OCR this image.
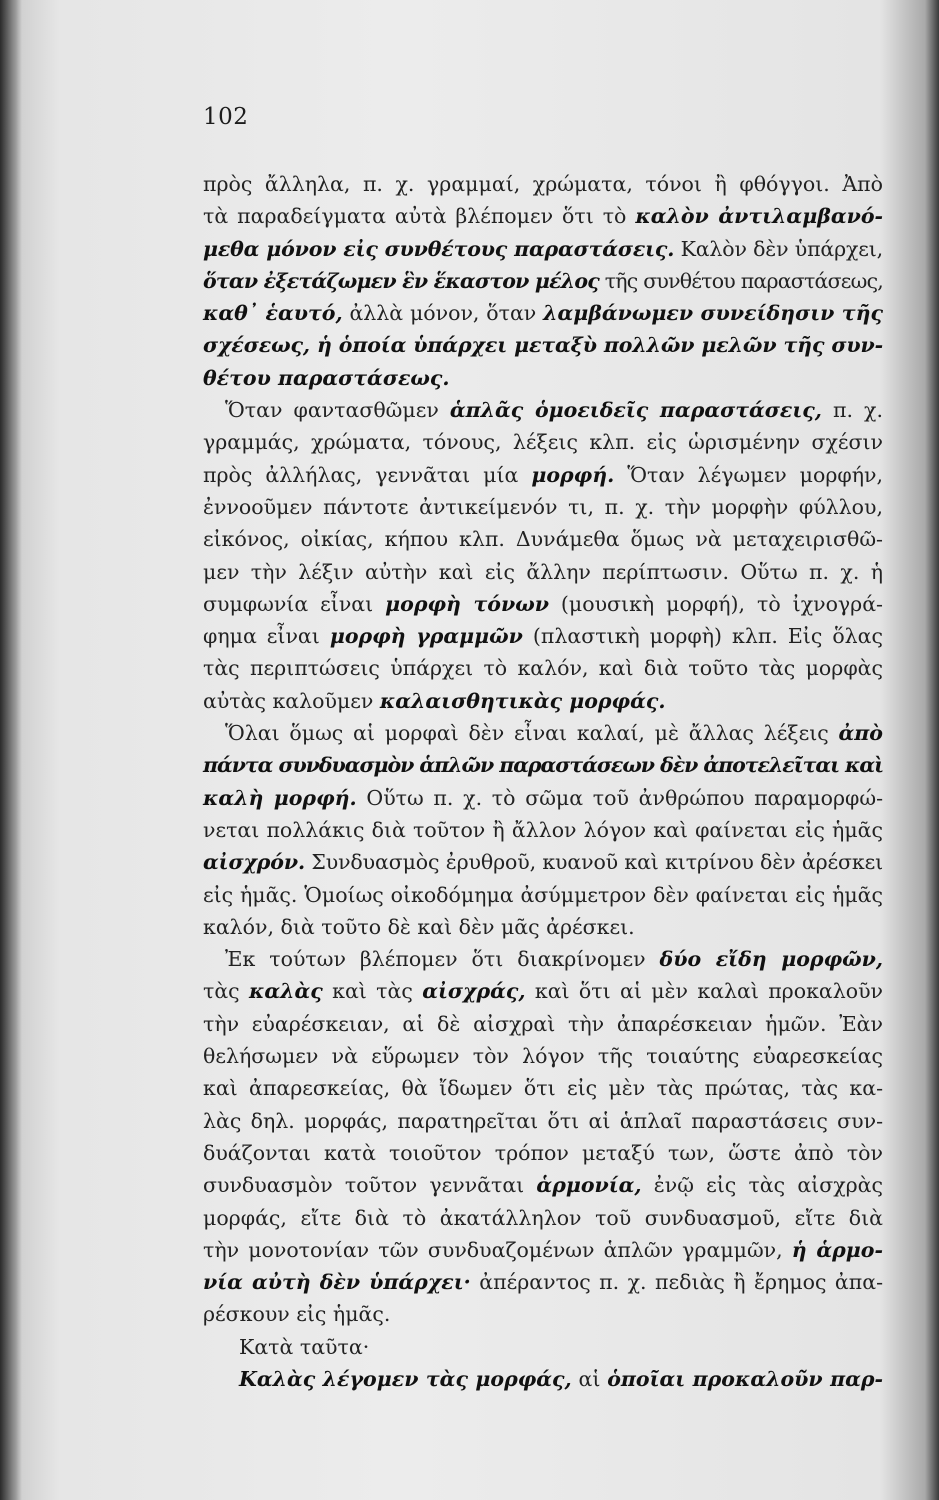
102
πρὸς ἄλληλα, π. χ. γραμμαί, χρώματα, τόνοι ἢ φθόγγοι. Ἀπὸ
τὰ παραδείγματα αὐτὰ βλέπομεν ὅτι τὸ καλὸν ἀντιλαμβανό-
μεθα μόνον εἰς συνθέτους παραστάσεις. Καλὸν δὲν ὑπάρχει,
ὅταν ἐξετάζωμεν ἓν ἕκαστον μέλος τῆς συνθέτου παραστάσεως,
καθ᾽ ἑαυτό, ἀλλὰ μόνον, ὅταν λαμβάνωμεν συνείδησιν τῆς
σχέσεως, ἡ ὁποία ὑπάρχει μεταξὺ πολλῶν μελῶν τῆς συν-
θέτου παραστάσεως.
Ὅταν φαντασθῶμεν ἁπλᾶς ὁμοειδεῖς παραστάσεις, π. χ.
γραμμάς, χρώματα, τόνους, λέξεις κλπ. εἰς ὡρισμένην σχέσιν
πρὸς ἀλλήλας, γεννᾶται μία μορφή. Ὅταν λέγωμεν μορφήν,
ἐννοοῦμεν πάντοτε ἀντικείμενόν τι, π. χ. τὴν μορφὴν φύλλου,
εἰκόνος, οἰκίας, κήπου κλπ. Δυνάμεθα ὅμως νὰ μεταχειρισθῶ-
μεν τὴν λέξιν αὐτὴν καὶ εἰς ἄλλην περίπτωσιν. Οὕτω π. χ. ἡ
συμφωνία εἶναι μορφὴ τόνων (μουσικὴ μορφή), τὸ ἰχνογρά-
φημα εἶναι μορφὴ γραμμῶν (πλαστικὴ μορφὴ) κλπ. Εἰς ὅλας
τὰς περιπτώσεις ὑπάρχει τὸ καλόν, καὶ διὰ τοῦτο τὰς μορφὰς
αὐτὰς καλοῦμεν καλαισθητικὰς μορφάς.
Ὅλαι ὅμως αἱ μορφαὶ δὲν εἶναι καλαί, μὲ ἄλλας λέξεις ἀπὸ
πάντα συνδυασμὸν ἁπλῶν παραστάσεων δὲν ἀποτελεῖται καὶ
καλὴ μορφή. Οὕτω π. χ. τὸ σῶμα τοῦ ἀνθρώπου παραμορφώ-
νεται πολλάκις διὰ τοῦτον ἢ ἄλλον λόγον καὶ φαίνεται εἰς ἡμᾶς
αἰσχρόν. Συνδυασμὸς ἐρυθροῦ, κυανοῦ καὶ κιτρίνου δὲν ἀρέσκει
εἰς ἡμᾶς. Ὁμοίως οἰκοδόμημα ἀσύμμετρον δὲν φαίνεται εἰς ἡμᾶς
καλόν, διὰ τοῦτο δὲ καὶ δὲν μᾶς ἀρέσκει.
Ἐκ τούτων βλέπομεν ὅτι διακρίνομεν δύο εἴδη μορφῶν,
τὰς καλὰς καὶ τὰς αἰσχράς, καὶ ὅτι αἱ μὲν καλαὶ προκαλοῦν
τὴν εὐαρέσκειαν, αἱ δὲ αἰσχραὶ τὴν ἀπαρέσκειαν ἡμῶν. Ἐὰν
θελήσωμεν νὰ εὕρωμεν τὸν λόγον τῆς τοιαύτης εὐαρεσκείας
καὶ ἀπαρεσκείας, θὰ ἴδωμεν ὅτι εἰς μὲν τὰς πρώτας, τὰς κα-
λὰς δηλ. μορφάς, παρατηρεῖται ὅτι αἱ ἁπλαῖ παραστάσεις συν-
δυάζονται κατὰ τοιοῦτον τρόπον μεταξύ των, ὥστε ἀπὸ τὸν
συνδυασμὸν τοῦτον γεννᾶται ἁρμονία, ἐνῷ εἰς τὰς αἰσχρὰς
μορφάς, εἴτε διὰ τὸ ἀκατάλληλον τοῦ συνδυασμοῦ, εἴτε διὰ
τὴν μονοτονίαν τῶν συνδυαζομένων ἁπλῶν γραμμῶν, ἡ ἁρμο-
νία αὐτὴ δὲν ὑπάρχει· ἀπέραντος π. χ. πεδιὰς ἢ ἔρημος ἀπα-
ρέσκουν εἰς ἡμᾶς.
Κατὰ ταῦτα·
Καλὰς λέγομεν τὰς μορφάς, αἱ ὁποῖαι προκαλοῦν παρ-
